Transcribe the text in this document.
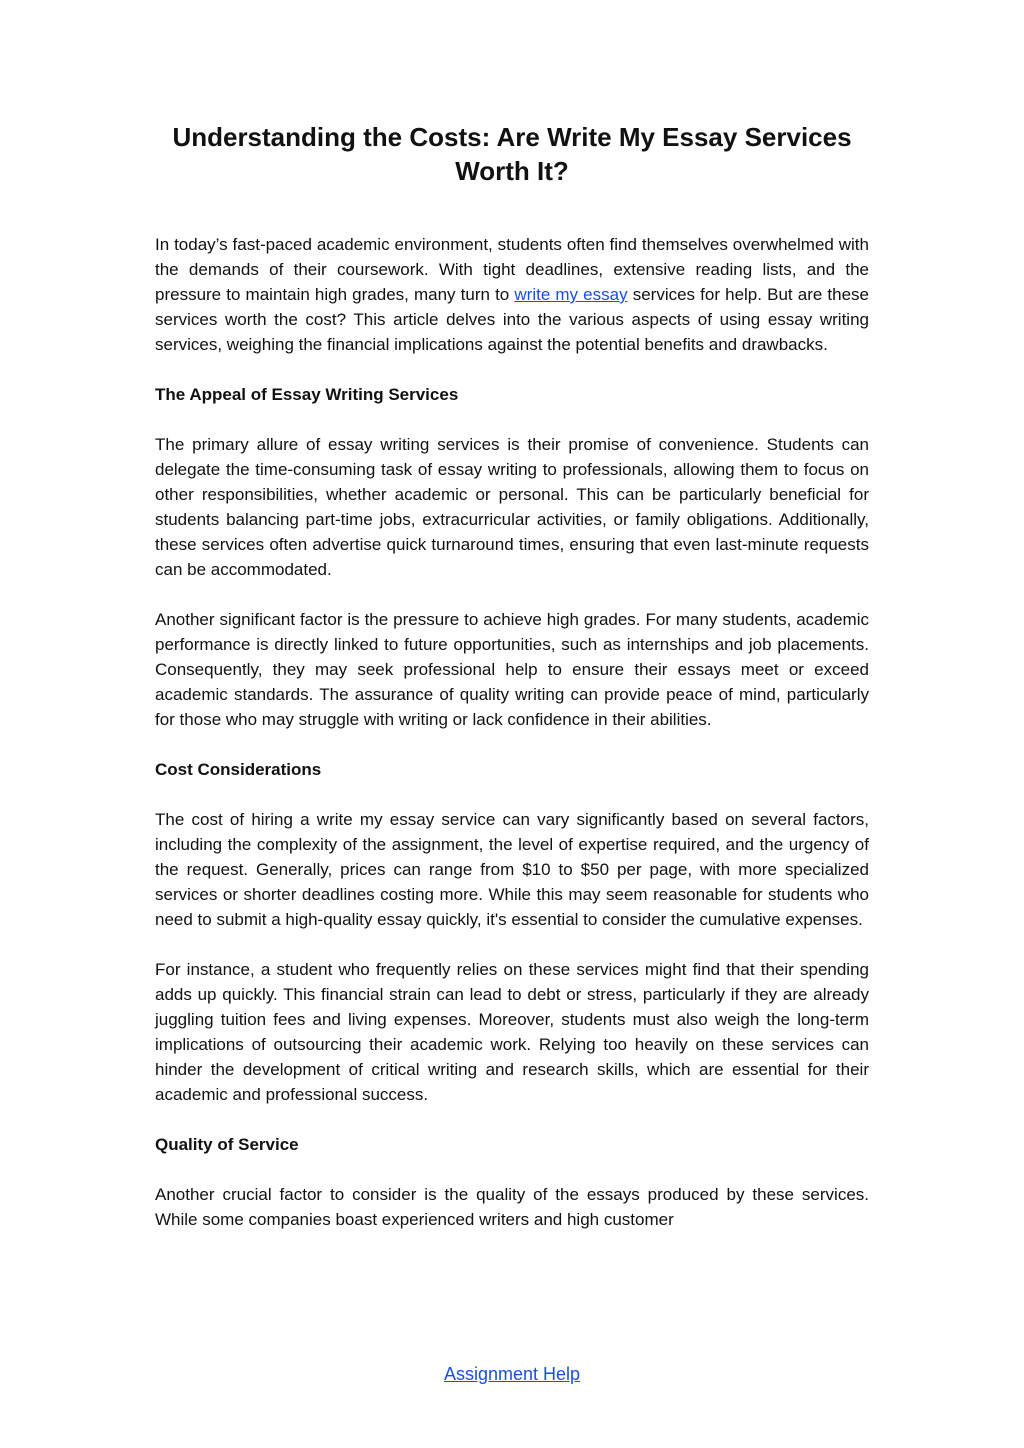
Understanding the Costs: Are Write My Essay Services
Worth It?

In today’s fast-paced academic environment, students often find themselves overwhelmed with the demands of their coursework. With tight deadlines, extensive reading lists, and the pressure to maintain high grades, many turn to write my essay services for help. But are these services worth the cost? This article delves into the various aspects of using essay writing services, weighing the financial implications against the potential benefits and drawbacks.

The Appeal of Essay Writing Services

The primary allure of essay writing services is their promise of convenience. Students can delegate the time-consuming task of essay writing to professionals, allowing them to focus on other responsibilities, whether academic or personal. This can be particularly beneficial for students balancing part-time jobs, extracurricular activities, or family obligations. Additionally, these services often advertise quick turnaround times, ensuring that even last-minute requests can be accommodated.

Another significant factor is the pressure to achieve high grades. For many students, academic performance is directly linked to future opportunities, such as internships and job placements. Consequently, they may seek professional help to ensure their essays meet or exceed academic standards. The assurance of quality writing can provide peace of mind, particularly for those who may struggle with writing or lack confidence in their abilities.

Cost Considerations

The cost of hiring a write my essay service can vary significantly based on several factors, including the complexity of the assignment, the level of expertise required, and the urgency of the request. Generally, prices can range from $10 to $50 per page, with more specialized services or shorter deadlines costing more. While this may seem reasonable for students who need to submit a high-quality essay quickly, it's essential to consider the cumulative expenses.

For instance, a student who frequently relies on these services might find that their spending adds up quickly. This financial strain can lead to debt or stress, particularly if they are already juggling tuition fees and living expenses. Moreover, students must also weigh the long-term implications of outsourcing their academic work. Relying too heavily on these services can hinder the development of critical writing and research skills, which are essential for their academic and professional success.

Quality of Service

Another crucial factor to consider is the quality of the essays produced by these services. While some companies boast experienced writers and high customer

Assignment Help
